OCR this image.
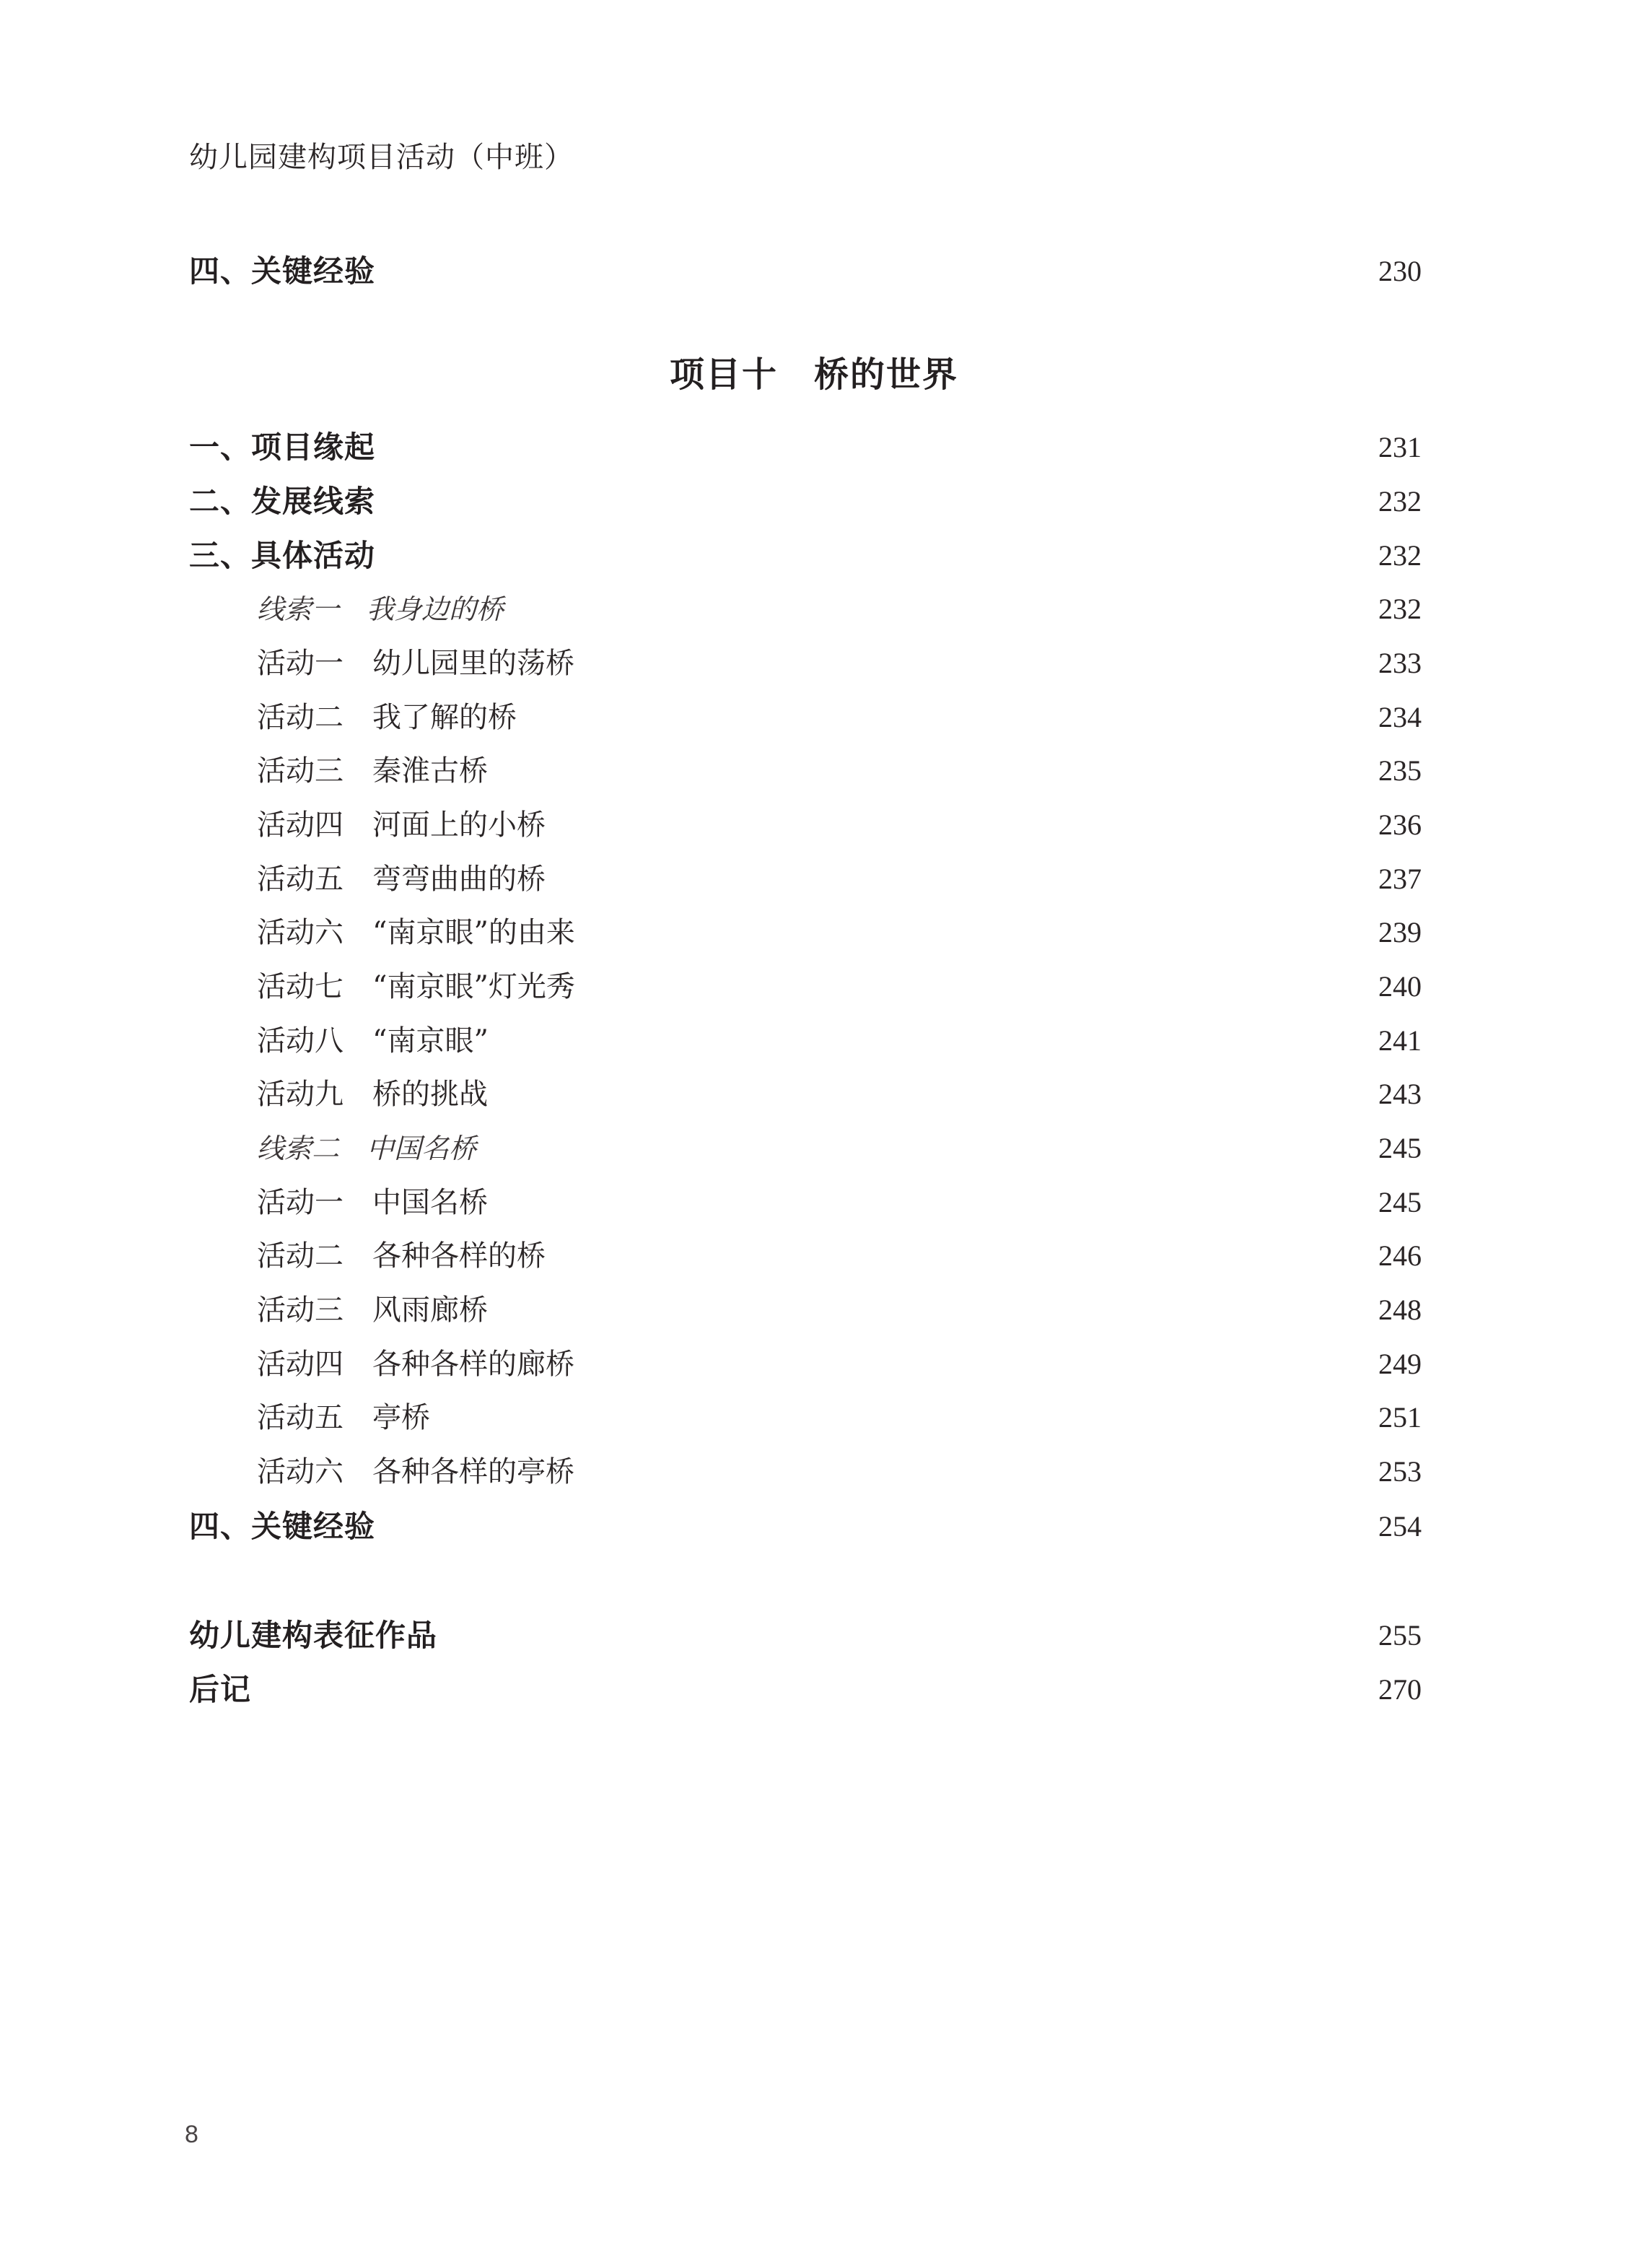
幼儿园建构项目活动（中班）
四、关键经验	230
项目十　桥的世界
一、项目缘起	231
二、发展线索	232
三、具体活动	232
线索一　我身边的桥	232
活动一　幼儿园里的荡桥	233
活动二　我了解的桥	234
活动三　秦淮古桥	235
活动四　河面上的小桥	236
活动五　弯弯曲曲的桥	237
活动六　“南京眼”的由来	239
活动七　“南京眼”灯光秀	240
活动八　“南京眼”	241
活动九　桥的挑战	243
线索二　中国名桥	245
活动一　中国名桥	245
活动二　各种各样的桥	246
活动三　风雨廊桥	248
活动四　各种各样的廊桥	249
活动五　亭桥	251
活动六　各种各样的亭桥	253
四、关键经验	254
幼儿建构表征作品	255
后记	270
8
